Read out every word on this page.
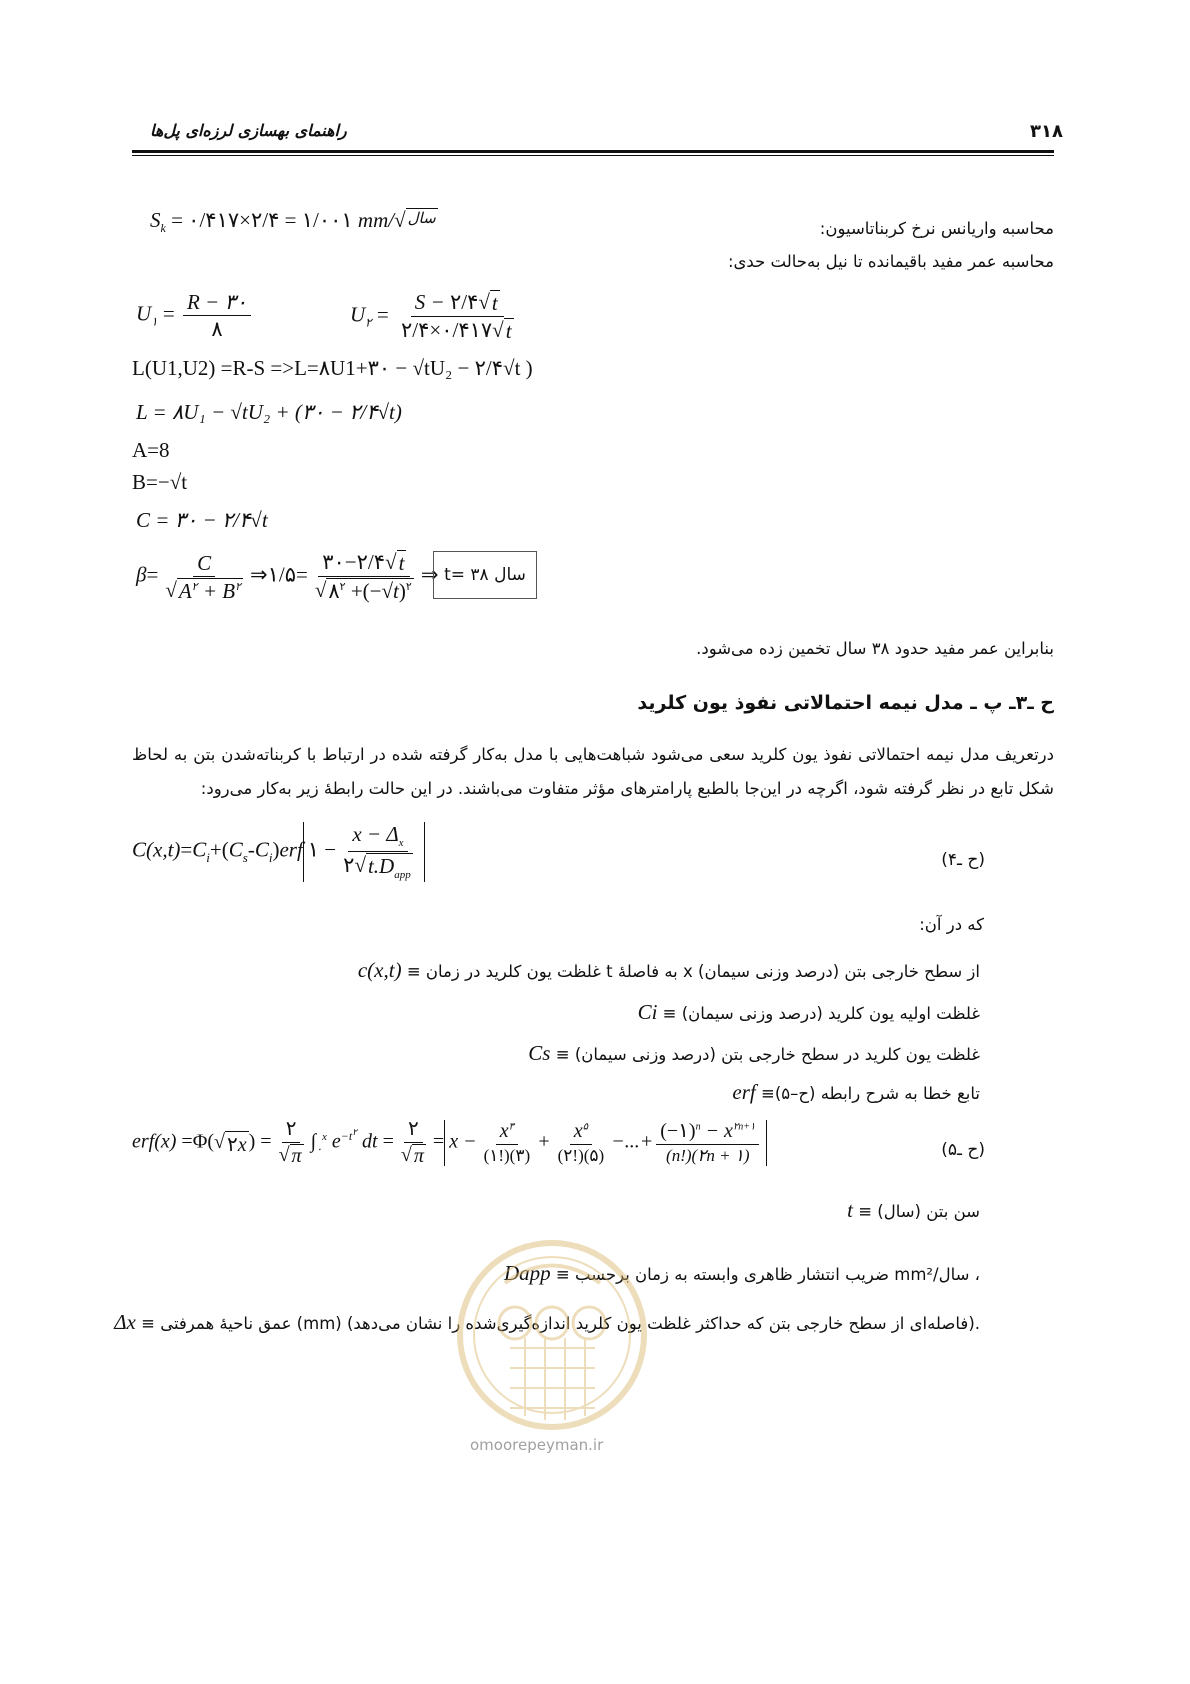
۳۱۸
راهنمای بهسازی لرزه‌ای پل‌ها
محاسبه واریانس نرخ کربناتاسیون:
$S_k$ = ۰/۴۱۷×۲/۴ = ۱/۰۰۱ mm/ √ سال
محاسبه عمر مفید باقیمانده تا نیل به‌حالت حدی:
$U_۱ = \frac{R - ۳۰}{۸}$	$U_۲ = \frac{S - ۲/۴ √ t}{۲/۴\times ۰/۴۱۷ √ t}$
L(U1,U2) =R-S =>L=۸U1+۳۰ − √tU₂ − ۲/۴√t )
L = ۸U₁ − √tU₂ + (۳۰ − ۲/۴√t)
A=8
B=−√t
C = ۳۰ − ۲/۴√t
$\beta= \frac{C}{√ A^۲ + B^۲}$ ⇒۱/۵= $\frac{۳۰-۲/۴ √ t}{√ ۸^۲ +(-√t)^۲}$ ⇒ t= ۳۸ سال
بنابراین عمر مفید حدود ۳۸ سال تخمین زده می‌شود.
ح ـ۳ـ پ ـ مدل نیمه احتمالاتی نفوذ یون کلرید
درتعریف مدل نیمه احتمالاتی نفوذ یون کلرید سعی می‌شود شباهت‌هایی با مدل به‌کار گرفته شده در ارتباط با کربناته‌شدن بتن به لحاظ شکل تابع در نظر گرفته شود، اگرچه در این‌جا بالطبع پارامترهای مؤثر متفاوت می‌باشند. در این حالت رابطهٔ زیر به‌کار می‌رود:
$C(x,t)=C_i+(C_s-C_i)erf$ ۱ − $\frac{x - \Delta_x}{۲ √ t.D_{app}}$	(ح ـ۴)
که در آن:
c(x,t) ≡ غلظت یون کلرید در زمان t به فاصلهٔ x از سطح خارجی بتن (درصد وزنی سیمان)
Ci ≡ غلظت اولیه یون کلرید (درصد وزنی سیمان)
Cs ≡ غلظت یون کلرید در سطح خارجی بتن (درصد وزنی سیمان)
erf ≡تابع خطا به شرح رابطه (ح–۵)
erf(x) =Φ( √ ۲x ) = $\frac{۲}{√ \pi} \int_۰^x$ $e^{-t^۲}$ dt = $\frac{۲}{√ \pi} = x - \frac{x^۳}{(۱!)(۳)} + \frac{x^۵}{(۲!)(۵)}$ −...+ $\frac{(-۱)^n - x^{۲n+۱}}{(n!)(۲n + ۱)}$	(ح ـ۵)
t ≡ سن بتن (سال)
Dapp ≡ ضریب انتشار ظاهری وابسته به زمان برحسب mm²/سال ،
Δx ≡ عمق ناحیهٔ همرفتی (mm) (فاصله‌ای از سطح خارجی بتن که حداکثر غلظت یون کلرید اندازه‌گیری‌شده را نشان می‌دهد).
omoorepeyman.ir
